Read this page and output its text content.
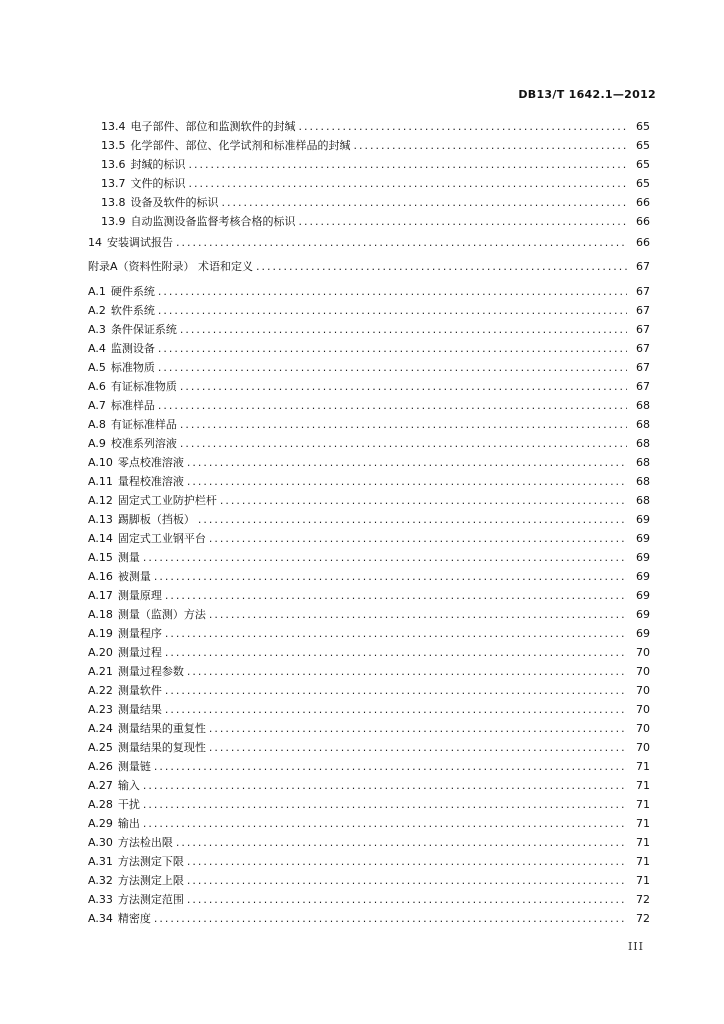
DB13/T 1642.1—2012
13.4 电子部件、部位和监测软件的封缄 .....	65
13.5 化学部件、部位、化学试剂和标准样品的封缄 .....	65
13.6 封缄的标识 .....	65
13.7 文件的标识 .....	65
13.8 设备及软件的标识 .....	66
13.9 自动监测设备监督考核合格的标识 .....	66
14 安装调试报告 .....	66
附录A （资料性附录） 术语和定义 .....	67
A.1 硬件系统 .....	67
A.2 软件系统 .....	67
A.3 条件保证系统 .....	67
A.4 监测设备 .....	67
A.5 标准物质 .....	67
A.6 有证标准物质 .....	67
A.7 标准样品 .....	68
A.8 有证标准样品 .....	68
A.9 校准系列溶液 .....	68
A.10 零点校准溶液 .....	68
A.11 量程校准溶液 .....	68
A.12 固定式工业防护栏杆 .....	68
A.13 踢脚板（挡板） .....	69
A.14 固定式工业钢平台 .....	69
A.15 测量 .....	69
A.16 被测量 .....	69
A.17 测量原理 .....	69
A.18 测量（监测）方法 .....	69
A.19 测量程序 .....	69
A.20 测量过程 .....	70
A.21 测量过程参数 .....	70
A.22 测量软件 .....	70
A.23 测量结果 .....	70
A.24 测量结果的重复性 .....	70
A.25 测量结果的复现性 .....	70
A.26 测量链 .....	71
A.27 输入 .....	71
A.28 干扰 .....	71
A.29 输出 .....	71
A.30 方法检出限 .....	71
A.31 方法测定下限 .....	71
A.32 方法测定上限 .....	71
A.33 方法测定范围 .....	72
A.34 精密度 .....	72
III
